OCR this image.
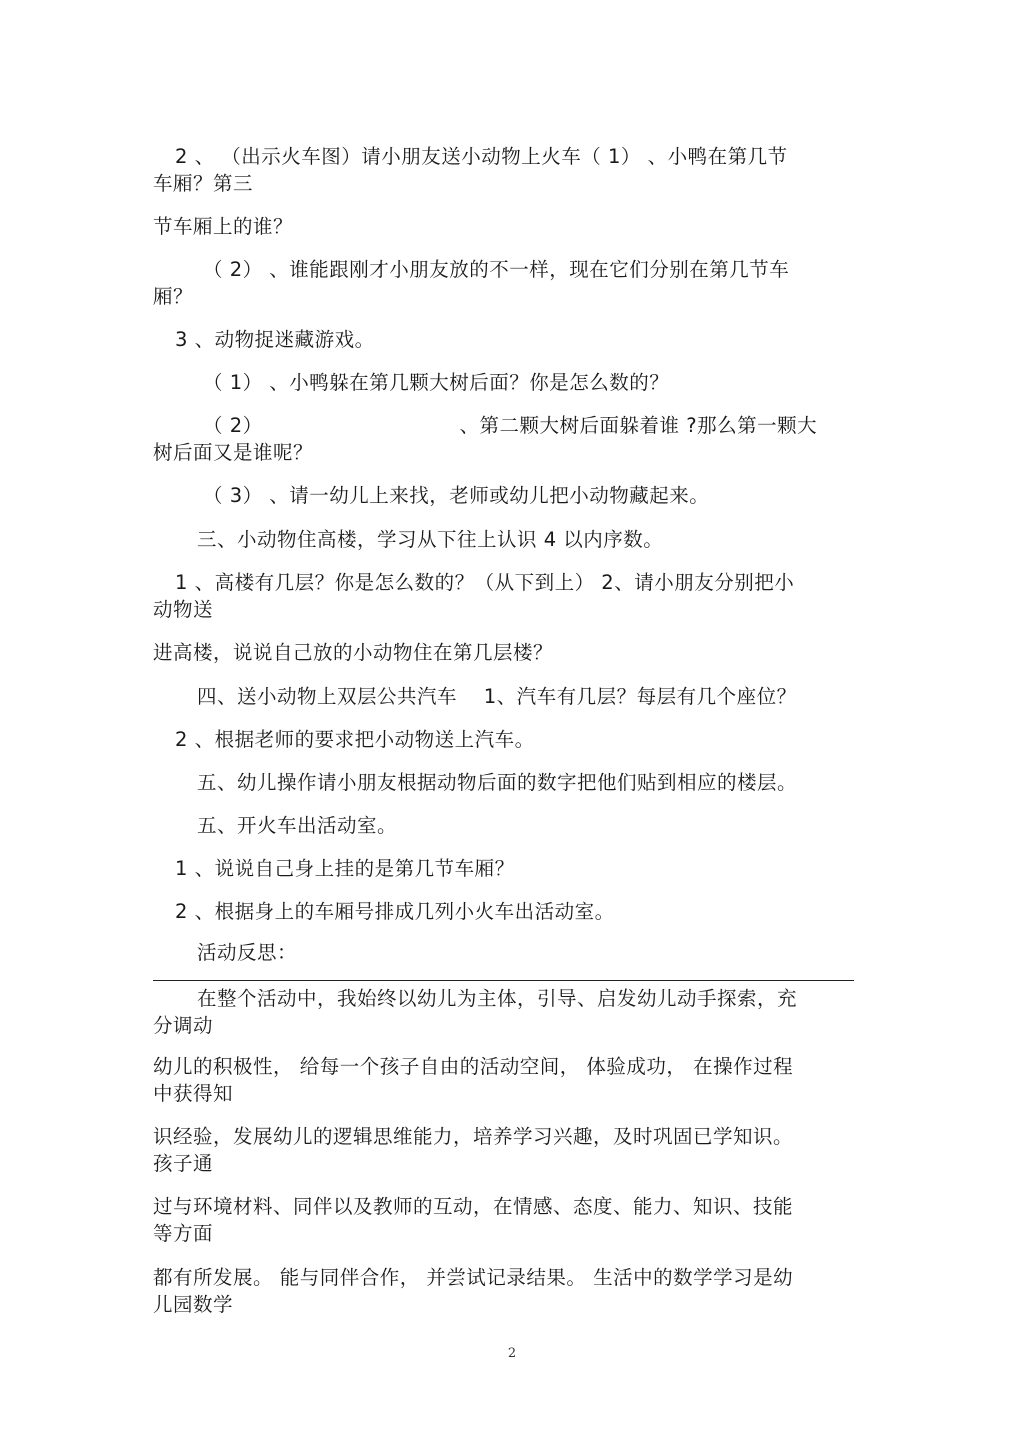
2 、 （出示火车图）请小朋友送小动物上火车（ 1） 、小鸭在第几节
车厢？第三
节车厢上的谁？
（ 2） 、谁能跟刚才小朋友放的不一样，现在它们分别在第几节车
厢？
3 、动物捉迷藏游戏。
（ 1） 、小鸭躲在第几颗大树后面？你是怎么数的？
（ 2）　　　　　　　　　　 、第二颗大树后面躲着谁 ?那么第一颗大
树后面又是谁呢？
（ 3） 、请一幼儿上来找，老师或幼儿把小动物藏起来。
三、小动物住高楼，学习从下往上认识 4 以内序数。
1 、高楼有几层？你是怎么数的？（从下到上） 2、请小朋友分别把小
动物送
进高楼，说说自己放的小动物住在第几层楼？
四、送小动物上双层公共汽车　 1、汽车有几层？每层有几个座位？
2 、根据老师的要求把小动物送上汽车。
五、幼儿操作请小朋友根据动物后面的数字把他们贴到相应的楼层。
五、开火车出活动室。
1 、说说自己身上挂的是第几节车厢？
2 、根据身上的车厢号排成几列小火车出活动室。
活动反思：
在整个活动中，我始终以幼儿为主体，引导、启发幼儿动手探索，充
分调动
幼儿的积极性， 给每一个孩子自由的活动空间， 体验成功， 在操作过程
中获得知
识经验，发展幼儿的逻辑思维能力，培养学习兴趣，及时巩固已学知识。
孩子通
过与环境材料、同伴以及教师的互动，在情感、态度、能力、知识、技能
等方面
都有所发展。 能与同伴合作， 并尝试记录结果。 生活中的数学学习是幼
儿园数学
2
